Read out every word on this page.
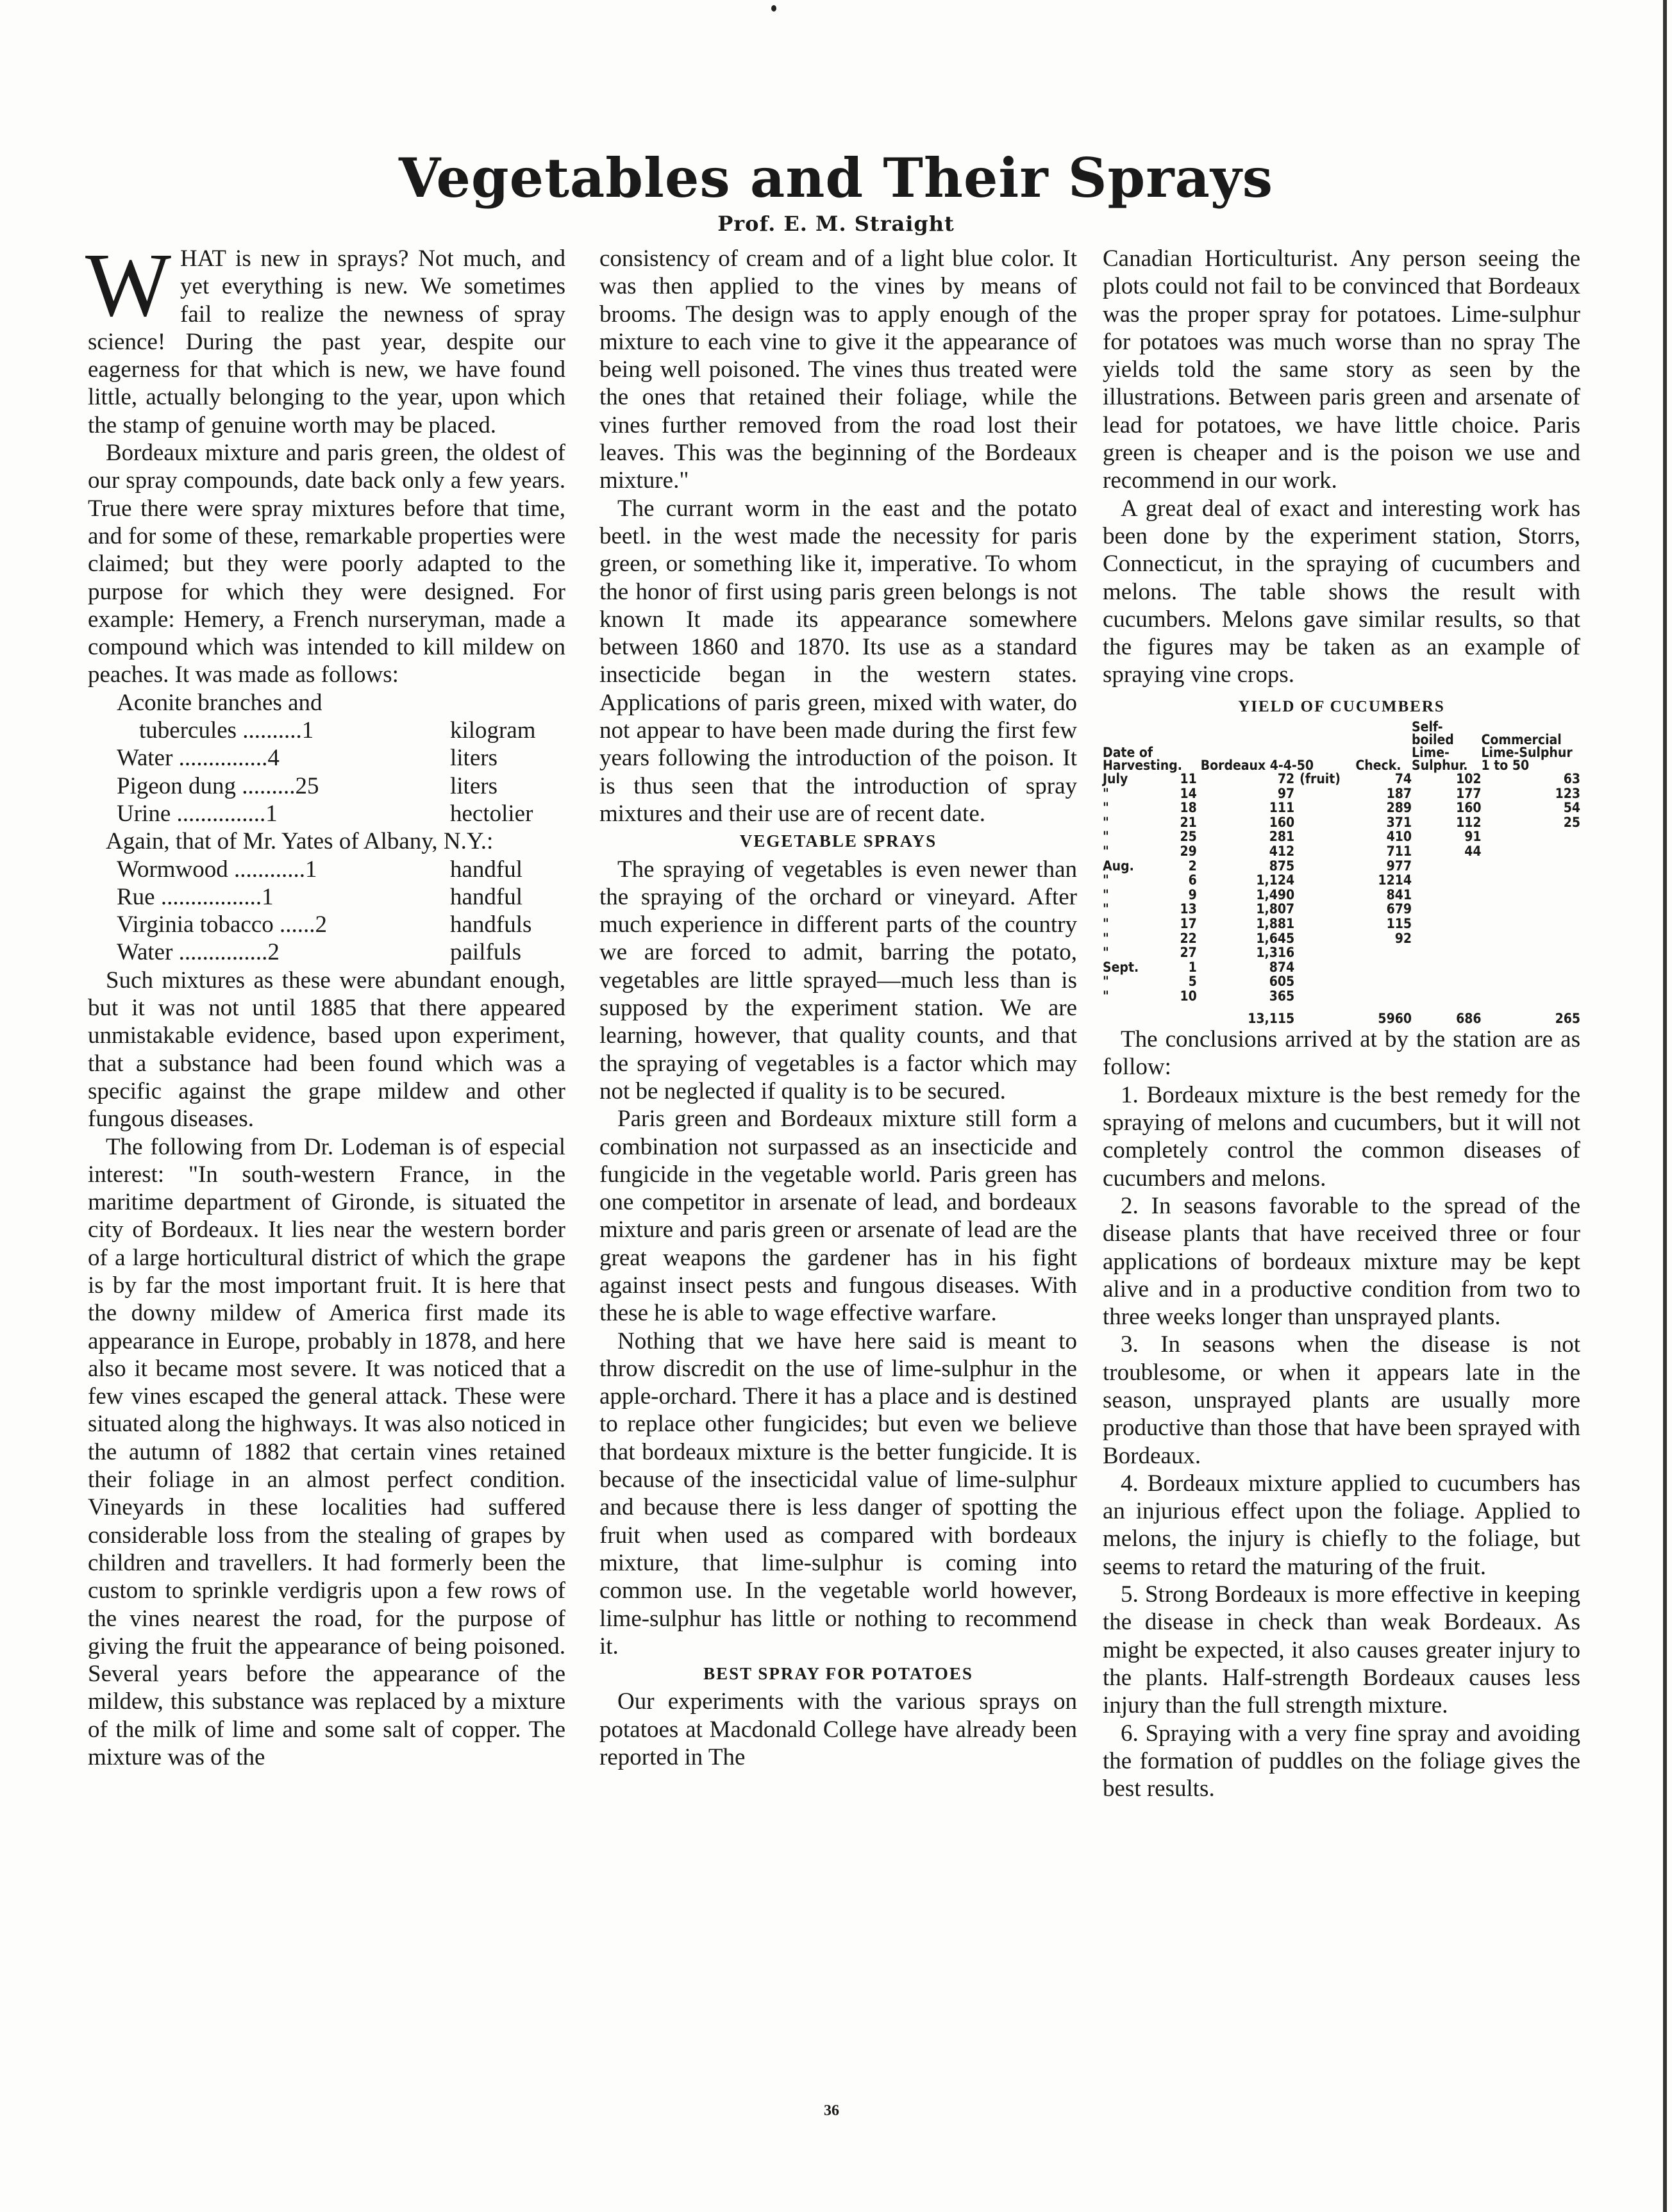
Vegetables and Their Sprays
Prof. E. M. Straight

WHAT is new in sprays? Not much, and yet everything is new. We sometimes fail to realize the newness of spray science! During the past year, despite our eagerness for that which is new, we have found little, actually belonging to the year, upon which the stamp of genuine worth may be placed.

Bordeaux mixture and paris green, the oldest of our spray compounds, date back only a few years. True there were spray mixtures before that time, and for some of these, remarkable properties were claimed; but they were poorly adapted to the purpose for which they were designed. For example: Hemery, a French nurseryman, made a compound which was intended to kill mildew on peaches. It was made as follows:

Aconite branches and
tubercules ..........1	kilogram
Water ...............4	liters
Pigeon dung .........25	liters
Urine ...............1	hectolier

Again, that of Mr. Yates of Albany, N.Y.:

Wormwood ............1	handful
Rue .................1	handful
Virginia tobacco ......2	handfuls
Water ...............2	pailfuls

Such mixtures as these were abundant enough, but it was not until 1885 that there appeared unmistakable evidence, based upon experiment, that a substance had been found which was a specific against the grape mildew and other fungous diseases.

The following from Dr. Lodeman is of especial interest: "In south-western France, in the maritime department of Gironde, is situated the city of Bordeaux. It lies near the western border of a large horticultural district of which the grape is by far the most important fruit. It is here that the downy mildew of America first made its appearance in Europe, probably in 1878, and here also it became most severe. It was noticed that a few vines escaped the general attack. These were situated along the highways. It was also noticed in the autumn of 1882 that certain vines retained their foliage in an almost perfect condition. Vineyards in these localities had suffered considerable loss from the stealing of grapes by children and travellers. It had formerly been the custom to sprinkle verdigris upon a few rows of the vines nearest the road, for the purpose of giving the fruit the appearance of being poisoned. Several years before the appearance of the mildew, this substance was replaced by a mixture of the milk of lime and some salt of copper. The mixture was of the

consistency of cream and of a light blue color. It was then applied to the vines by means of brooms. The design was to apply enough of the mixture to each vine to give it the appearance of being well poisoned. The vines thus treated were the ones that retained their foliage, while the vines further removed from the road lost their leaves. This was the beginning of the Bordeaux mixture."

The currant worm in the east and the potato beetl. in the west made the necessity for paris green, or something like it, imperative. To whom the honor of first using paris green belongs is not known It made its appearance somewhere between 1860 and 1870. Its use as a standard insecticide began in the western states. Applications of paris green, mixed with water, do not appear to have been made during the first few years following the introduction of the poison. It is thus seen that the introduction of spray mixtures and their use are of recent date.

VEGETABLE SPRAYS

The spraying of vegetables is even newer than the spraying of the orchard or vineyard. After much experience in different parts of the country we are forced to admit, barring the potato, vegetables are little sprayed—much less than is supposed by the experiment station. We are learning, however, that quality counts, and that the spraying of vegetables is a factor which may not be neglected if quality is to be secured.

Paris green and Bordeaux mixture still form a combination not surpassed as an insecticide and fungicide in the vegetable world. Paris green has one competitor in arsenate of lead, and bordeaux mixture and paris green or arsenate of lead are the great weapons the gardener has in his fight against insect pests and fungous diseases. With these he is able to wage effective warfare.

Nothing that we have here said is meant to throw discredit on the use of lime-sulphur in the apple-orchard. There it has a place and is destined to replace other fungicides; but even we believe that bordeaux mixture is the better fungicide. It is because of the insecticidal value of lime-sulphur and because there is less danger of spotting the fruit when used as compared with bordeaux mixture, that lime-sulphur is coming into common use. In the vegetable world however, lime-sulphur has little or nothing to recommend it.

BEST SPRAY FOR POTATOES

Our experiments with the various sprays on potatoes at Macdonald College have already been reported in The

Canadian Horticulturist. Any person seeing the plots could not fail to be convinced that Bordeaux was the proper spray for potatoes. Lime-sulphur for potatoes was much worse than no spray The yields told the same story as seen by the illustrations. Between paris green and arsenate of lead for potatoes, we have little choice. Paris green is cheaper and is the poison we use and recommend in our work.

A great deal of exact and interesting work has been done by the experiment station, Storrs, Connecticut, in the spraying of cucumbers and melons. The table shows the result with cucumbers. Melons gave similar results, so that the figures may be taken as an example of spraying vine crops.

YIELD OF CUCUMBERS
Date of Harvesting.		Bordeaux 4-4-50		Check.	Self-boiled Lime-Sulphur.	Commercial Lime-Sulphur 1 to 50
July	11	72	(fruit)	74	102	63
"	14	97		187	177	123
"	18	111		289	160	54
"	21	160		371	112	25
"	25	281		410	91	
"	29	412		711	44	
Aug.	2	875		977		
"	6	1,124		1214		
"	9	1,490		841		
"	13	1,807		679		
"	17	1,881		115		
"	22	1,645		92		
"	27	1,316				
Sept.	1	874				
"	5	605				
"	10	365				
		13,115		5960	686	265

The conclusions arrived at by the station are as follow:

1. Bordeaux mixture is the best remedy for the spraying of melons and cucumbers, but it will not completely control the common diseases of cucumbers and melons.

2. In seasons favorable to the spread of the disease plants that have received three or four applications of bordeaux mixture may be kept alive and in a productive condition from two to three weeks longer than unsprayed plants.

3. In seasons when the disease is not troublesome, or when it appears late in the season, unsprayed plants are usually more productive than those that have been sprayed with Bordeaux.

4. Bordeaux mixture applied to cucumbers has an injurious effect upon the foliage. Applied to melons, the injury is chiefly to the foliage, but seems to retard the maturing of the fruit.

5. Strong Bordeaux is more effective in keeping the disease in check than weak Bordeaux. As might be expected, it also causes greater injury to the plants. Half-strength Bordeaux causes less injury than the full strength mixture.

6. Spraying with a very fine spray and avoiding the formation of puddles on the foliage gives the best results.

36
